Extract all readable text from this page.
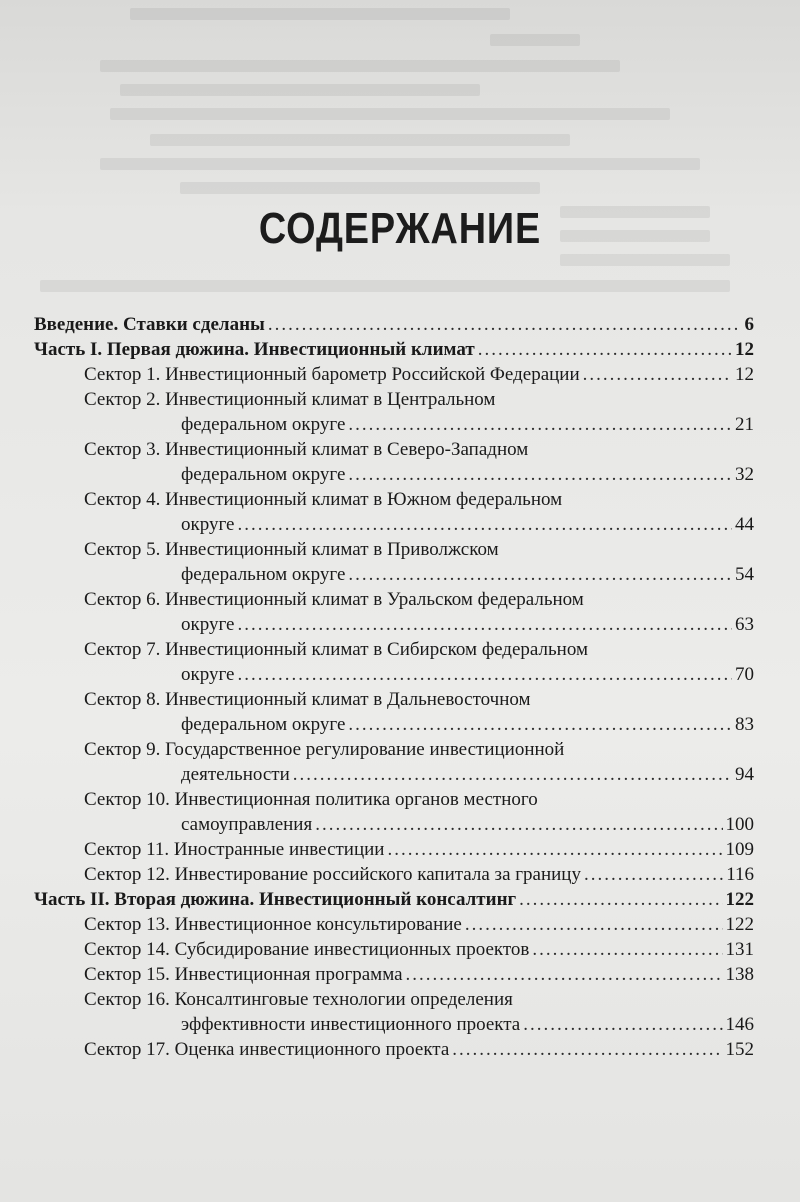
СОДЕРЖАНИЕ
Введение. Ставки сделаны .....	6
Часть I. Первая дюжина. Инвестиционный климат .....	12
Сектор 1. Инвестиционный барометр Российской Федерации .....	12
Сектор 2. Инвестиционный климат в Центральном
федеральном округе .....	21
Сектор 3. Инвестиционный климат в Северо-Западном
федеральном округе .....	32
Сектор 4. Инвестиционный климат в Южном федеральном
округе .....	44
Сектор 5. Инвестиционный климат в Приволжском
федеральном округе .....	54
Сектор 6. Инвестиционный климат в Уральском федеральном
округе .....	63
Сектор 7. Инвестиционный климат в Сибирском федеральном
округе .....	70
Сектор 8. Инвестиционный климат в Дальневосточном
федеральном округе .....	83
Сектор 9. Государственное регулирование инвестиционной
деятельности .....	94
Сектор 10. Инвестиционная политика органов местного
самоуправления .....	100
Сектор 11. Иностранные инвестиции .....	109
Сектор 12. Инвестирование российского капитала за границу .....	116
Часть II. Вторая дюжина. Инвестиционный консалтинг .....	122
Сектор 13. Инвестиционное консультирование .....	122
Сектор 14. Субсидирование инвестиционных проектов .....	131
Сектор 15. Инвестиционная программа .....	138
Сектор 16. Консалтинговые технологии определения
эффективности инвестиционного проекта .....	146
Сектор 17. Оценка инвестиционного проекта .....	152
